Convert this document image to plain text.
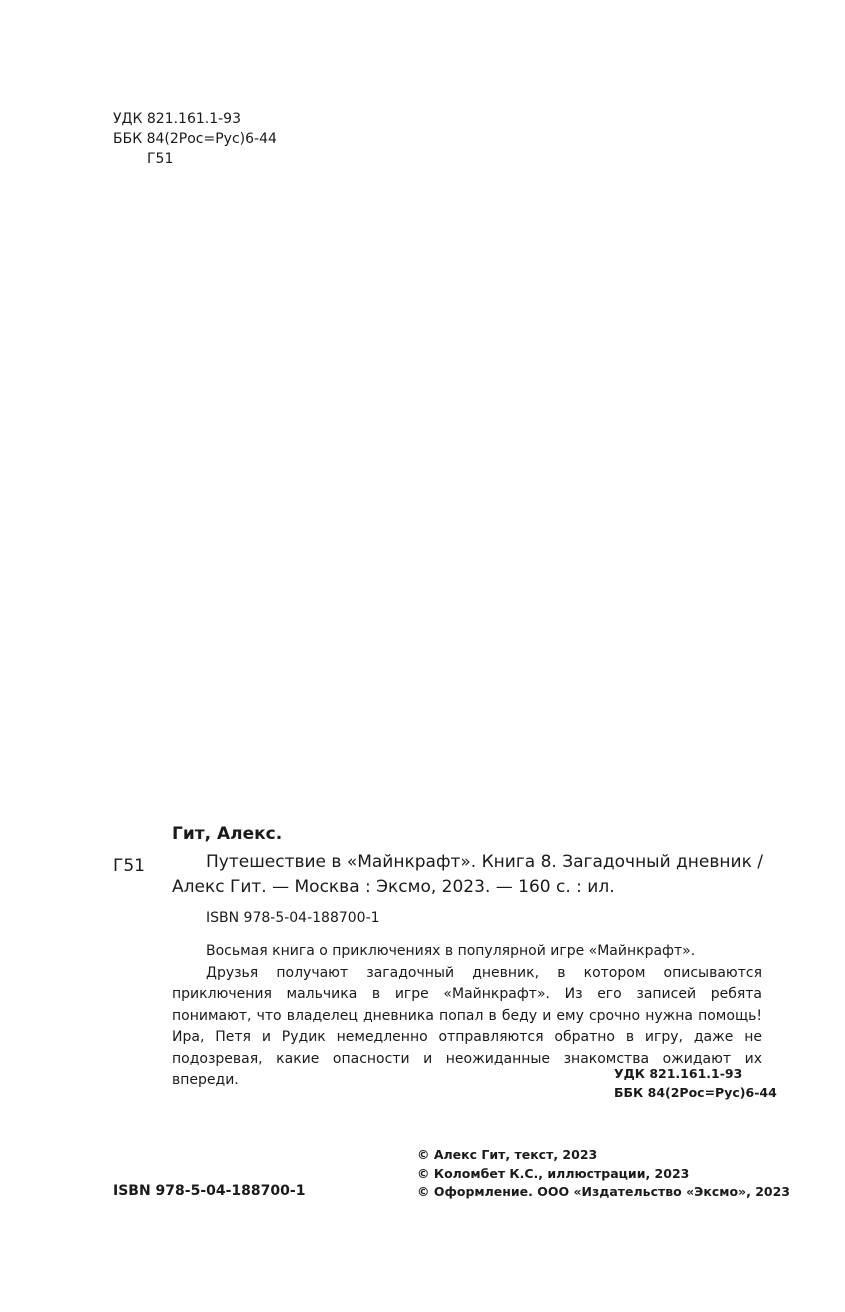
УДК 821.161.1-93
ББК 84(2Рос=Рус)6-44
Г51
Гит, Алекс.
Г51	Путешествие в «Майнкрафт». Книга 8. Загадочный дневник / Алекс Гит. — Москва : Эксмо, 2023. — 160 с. : ил.
ISBN 978-5-04-188700-1

Восьмая книга о приключениях в популярной игре «Майнкрафт».

Друзья получают загадочный дневник, в котором описываются приключения мальчика в игре «Майнкрафт». Из его записей ребята понимают, что владелец дневника попал в беду и ему срочно нужна помощь! Ира, Петя и Рудик немедленно отправляются обратно в игру, даже не подозревая, какие опасности и неожиданные знакомства ожидают их впереди.	УДК 821.161.1-93
ББК 84(2Рос=Рус)6-44
© Алекс Гит, текст, 2023
© Коломбет К.С., иллюстрации, 2023
© Оформление. ООО «Издательство «Эксмо», 2023
ISBN 978-5-04-188700-1
